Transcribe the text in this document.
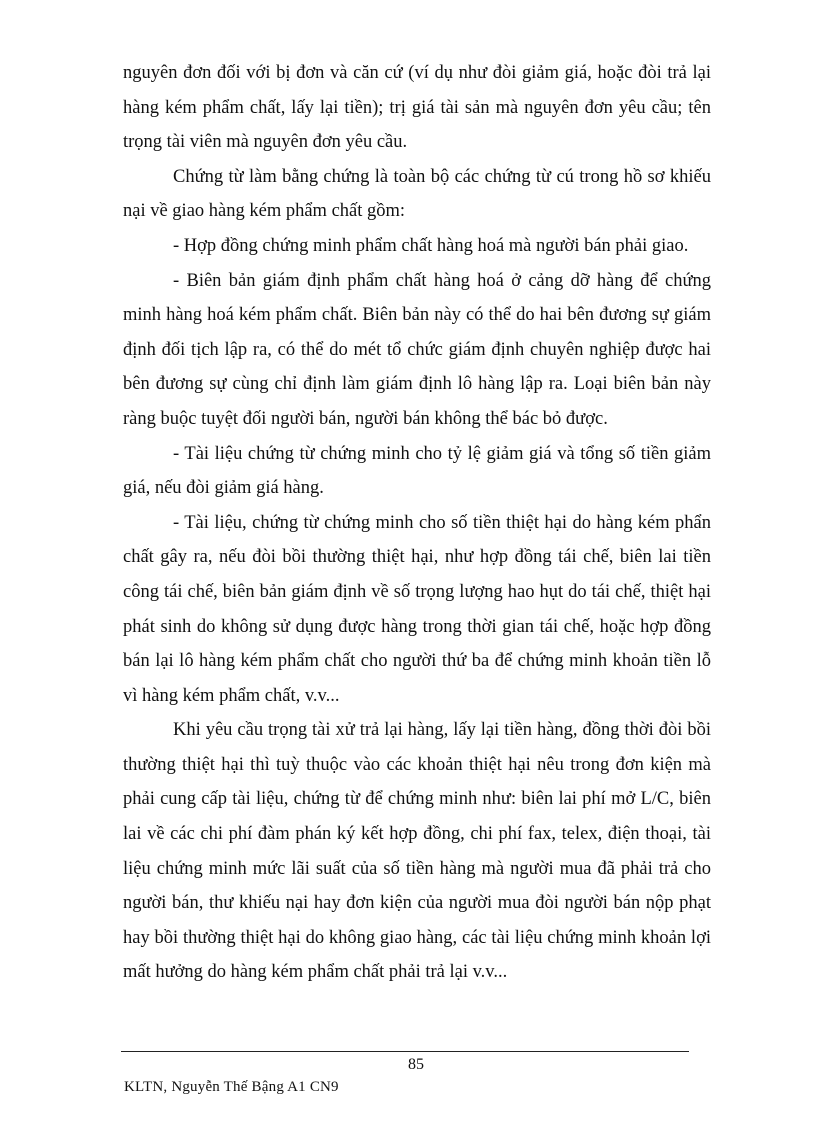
nguyên đơn đối với bị đơn và căn cứ (ví dụ như đòi giảm giá, hoặc đòi trả lại hàng kém phẩm chất, lấy lại tiền); trị giá tài sản mà nguyên đơn yêu cầu; tên trọng tài viên mà nguyên đơn yêu cầu.

Chứng từ làm bằng chứng là toàn bộ các chứng từ cú trong hồ sơ khiếu nại về giao hàng kém phẩm chất gồm:

- Hợp đồng chứng minh phẩm chất hàng hoá mà người bán phải giao.

- Biên bản giám định phẩm chất hàng hoá ở cảng dỡ hàng để chứng minh hàng hoá kém phẩm chất. Biên bản này có thể do hai bên đương sự giám định đối tịch lập ra, có thể do mét tổ chức giám định chuyên nghiệp được hai bên đương sự cùng chỉ định làm giám định lô hàng lập ra. Loại biên bản này ràng buộc tuyệt đối người bán, người bán không thể bác bỏ được.

- Tài liệu chứng từ chứng minh cho tỷ lệ giảm giá và tổng số tiền giảm giá, nếu đòi giảm giá hàng.

- Tài liệu, chứng từ chứng minh cho số tiền thiệt hại do hàng kém phẩn chất gây ra, nếu đòi bồi thường thiệt hại, như hợp đồng tái chế, biên lai tiền công tái chế, biên bản giám định về số trọng lượng hao hụt do tái chế, thiệt hại phát sinh do không sử dụng được hàng trong thời gian tái chế, hoặc hợp đồng bán lại lô hàng kém phẩm chất cho người thứ ba để chứng minh khoản tiền lỗ vì hàng kém phẩm chất, v.v...

Khi yêu cầu trọng tài xử trả lại hàng, lấy lại tiền hàng, đồng thời đòi bồi thường thiệt hại thì tuỳ thuộc vào các khoản thiệt hại nêu trong đơn kiện mà phải cung cấp tài liệu, chứng từ để chứng minh như: biên lai phí mở L/C, biên lai về các chi phí đàm phán ký kết hợp đồng, chi phí fax, telex, điện thoại, tài liệu chứng minh mức lãi suất của số tiền hàng mà người mua đã phải trả cho người bán, thư khiếu nại hay đơn kiện của người mua đòi người bán nộp phạt hay bồi thường thiệt hại do không giao hàng, các tài liệu chứng minh khoản lợi mất hưởng do hàng kém phẩm chất phải trả lại v.v...

85
KLTN, Nguyễn Thế Bậng A1 CN9
